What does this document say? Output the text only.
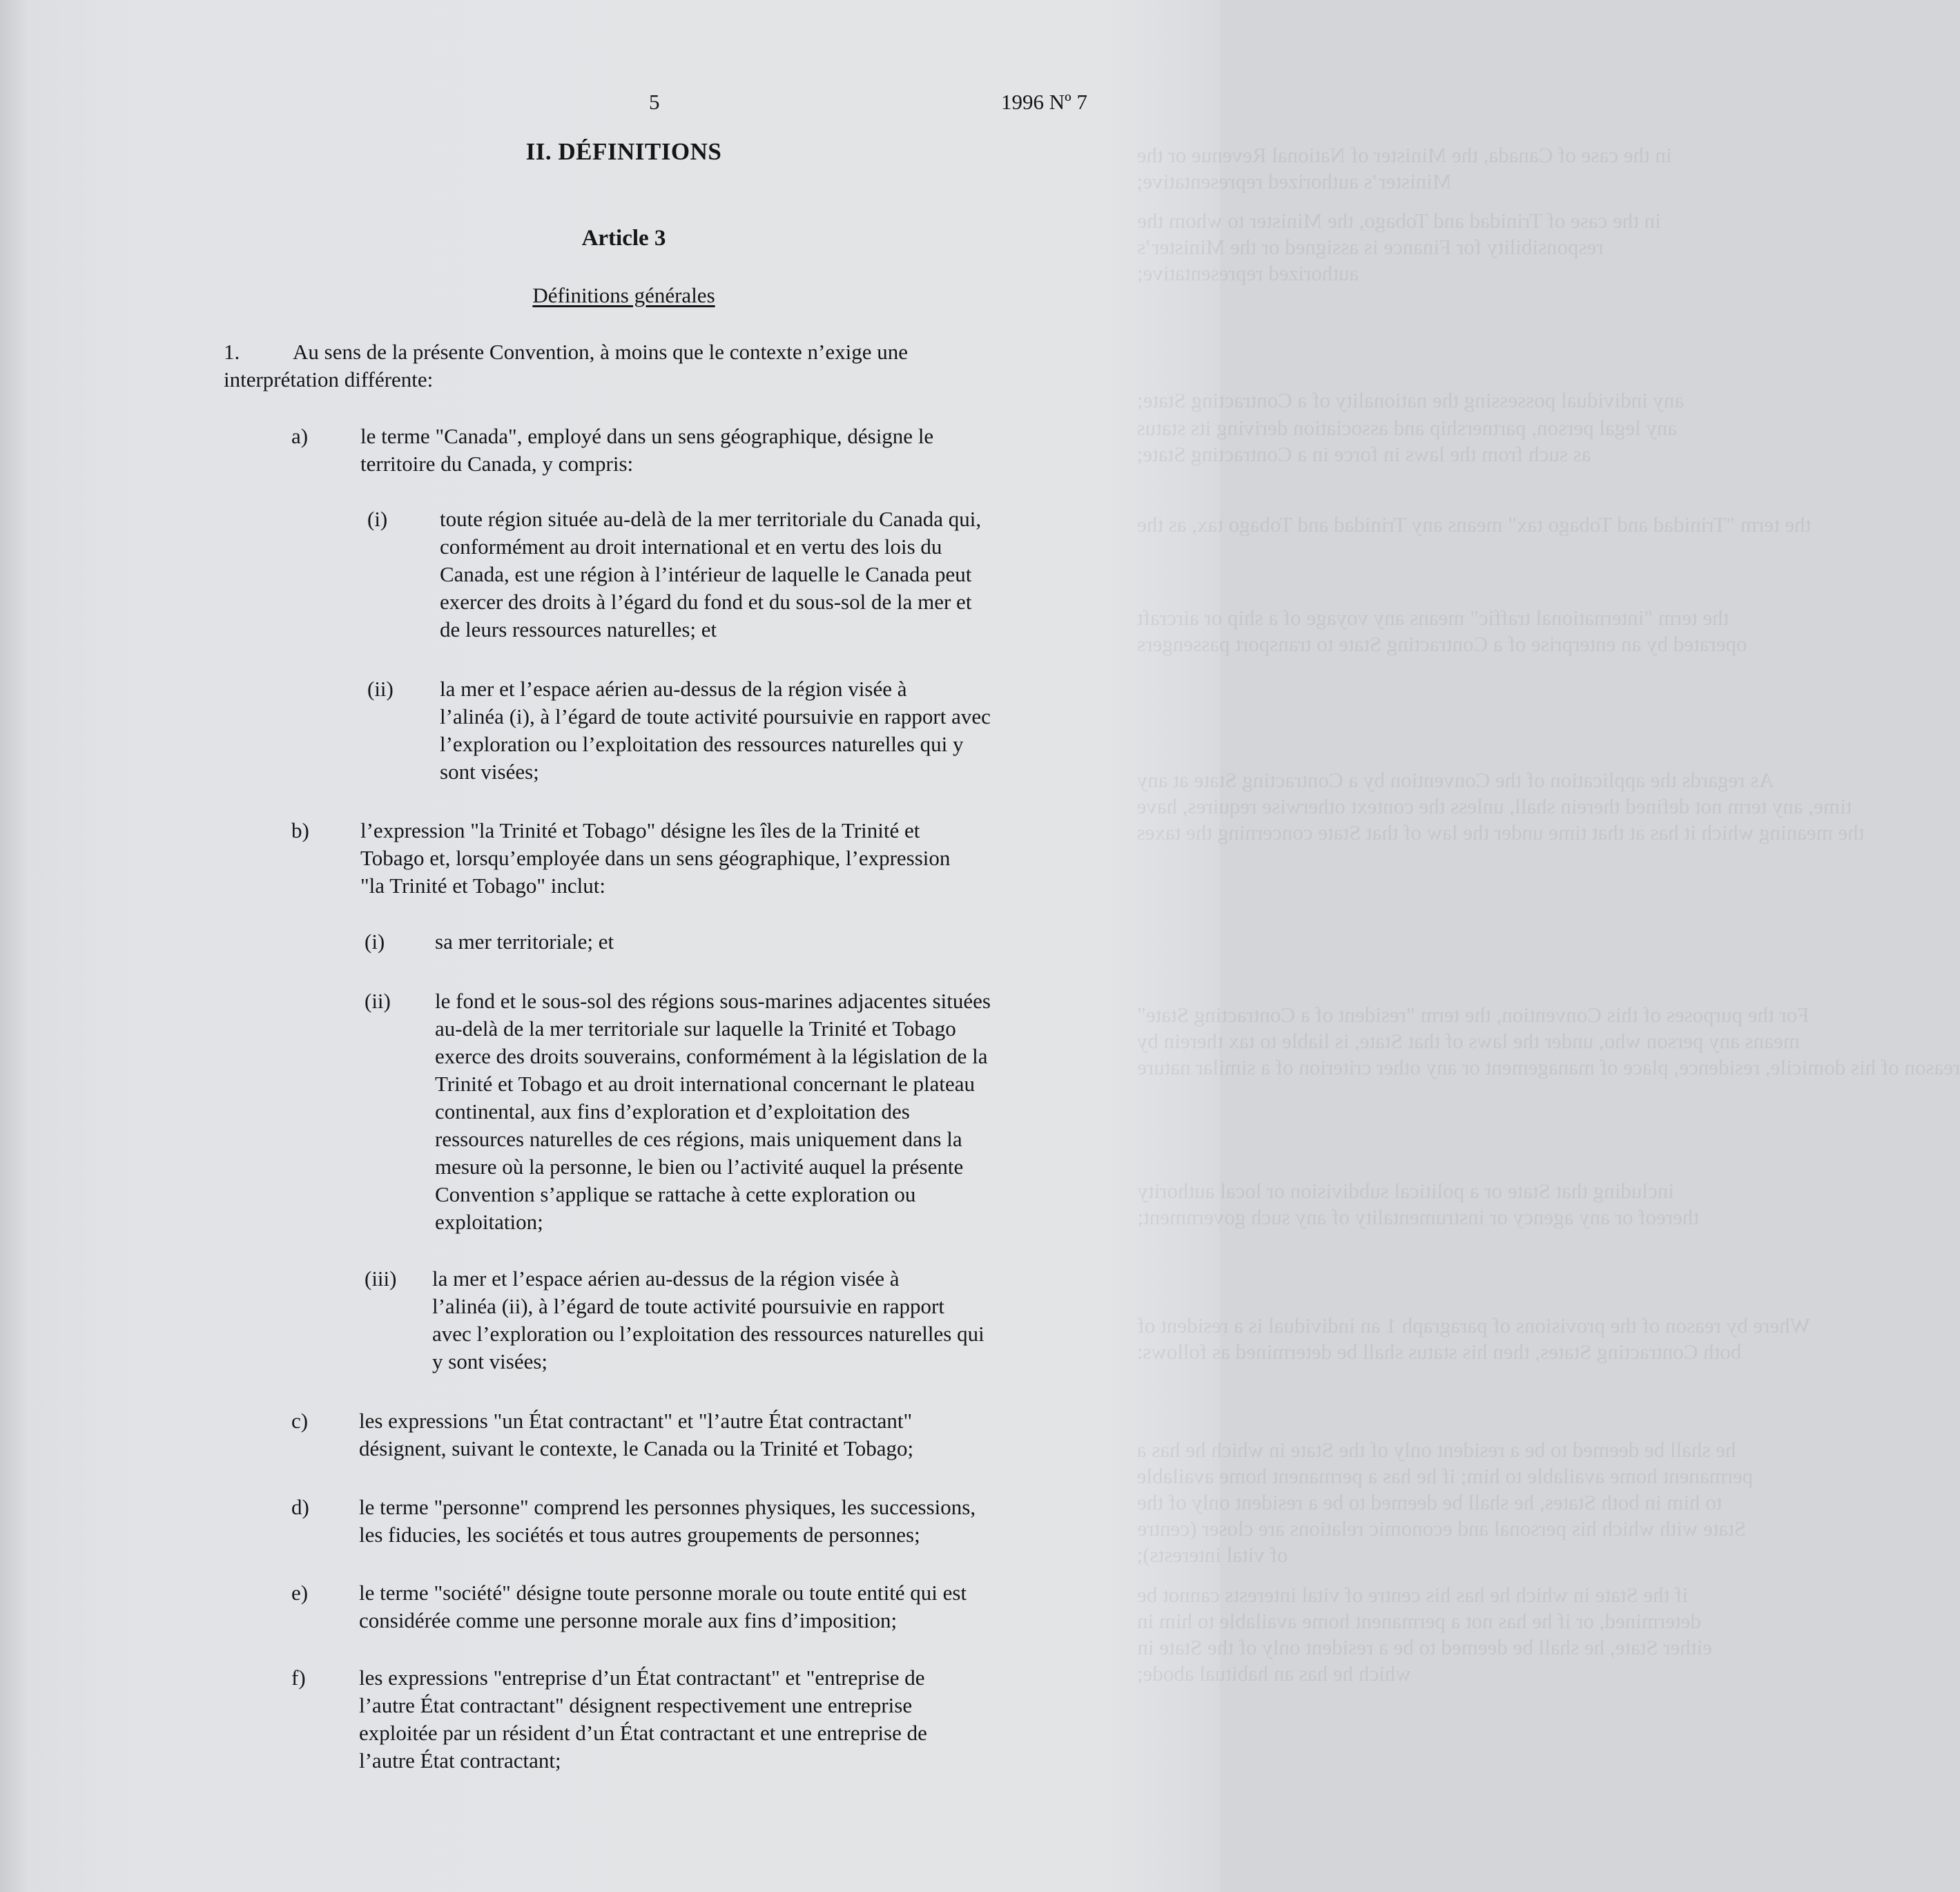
in the case of Canada, the Minister of National Revenue or the
Minister’s authorized representative;
in the case of Trinidad and Tobago, the Minister to whom the
responsibility for Finance is assigned or the Minister’s
authorized representative;
any individual possessing the nationality of a Contracting State;
any legal person, partnership and association deriving its status
as such from the laws in force in a Contracting State;
the term "Trinidad and Tobago tax" means any Trinidad and Tobago tax, as the
the term "international traffic" means any voyage of a ship or aircraft
operated by an enterprise of a Contracting State to transport passengers
As regards the application of the Convention by a Contracting State at any
time, any term not defined therein shall, unless the context otherwise requires, have
the meaning which it has at that time under the law of that State concerning the taxes
For the purposes of this Convention, the term "resident of a Contracting State"
means any person who, under the laws of that State, is liable to tax therein by
reason of his domicile, residence, place of management or any other criterion of a similar nature
including that State or a political subdivision or local authority
thereof or any agency or instrumentality of any such government;
Where by reason of the provisions of paragraph 1 an individual is a resident of
both Contracting States, then his status shall be determined as follows:
he shall be deemed to be a resident only of the State in which he has a
permanent home available to him; if he has a permanent home available
to him in both States, he shall be deemed to be a resident only of the
State with which his personal and economic relations are closer (centre
of vital interests);
if the State in which he has his centre of vital interests cannot be
determined, or if he has not a permanent home available to him in
either State, he shall be deemed to be a resident only of the State in
which he has an habitual abode;
5	1996 Nº 7
II. DÉFINITIONS
Article 3
Définitions générales
1.	Au sens de la présente Convention, à moins que le contexte n’exige une
interprétation différente:
a) le terme "Canada", employé dans un sens géographique, désigne le
territoire du Canada, y compris:
(i) toute région située au-delà de la mer territoriale du Canada qui,
conformément au droit international et en vertu des lois du
Canada, est une région à l’intérieur de laquelle le Canada peut
exercer des droits à l’égard du fond et du sous-sol de la mer et
de leurs ressources naturelles; et
(ii) la mer et l’espace aérien au-dessus de la région visée à
l’alinéa (i), à l’égard de toute activité poursuivie en rapport avec
l’exploration ou l’exploitation des ressources naturelles qui y
sont visées;
b) l’expression "la Trinité et Tobago" désigne les îles de la Trinité et
Tobago et, lorsqu’employée dans un sens géographique, l’expression
"la Trinité et Tobago" inclut:
(i) sa mer territoriale; et
(ii) le fond et le sous-sol des régions sous-marines adjacentes situées
au-delà de la mer territoriale sur laquelle la Trinité et Tobago
exerce des droits souverains, conformément à la législation de la
Trinité et Tobago et au droit international concernant le plateau
continental, aux fins d’exploration et d’exploitation des
ressources naturelles de ces régions, mais uniquement dans la
mesure où la personne, le bien ou l’activité auquel la présente
Convention s’applique se rattache à cette exploration ou
exploitation;
(iii) la mer et l’espace aérien au-dessus de la région visée à
l’alinéa (ii), à l’égard de toute activité poursuivie en rapport
avec l’exploration ou l’exploitation des ressources naturelles qui
y sont visées;
c) les expressions "un État contractant" et "l’autre État contractant"
désignent, suivant le contexte, le Canada ou la Trinité et Tobago;
d) le terme "personne" comprend les personnes physiques, les successions,
les fiducies, les sociétés et tous autres groupements de personnes;
e) le terme "société" désigne toute personne morale ou toute entité qui est
considérée comme une personne morale aux fins d’imposition;
f) les expressions "entreprise d’un État contractant" et "entreprise de
l’autre État contractant" désignent respectivement une entreprise
exploitée par un résident d’un État contractant et une entreprise de
l’autre État contractant;
